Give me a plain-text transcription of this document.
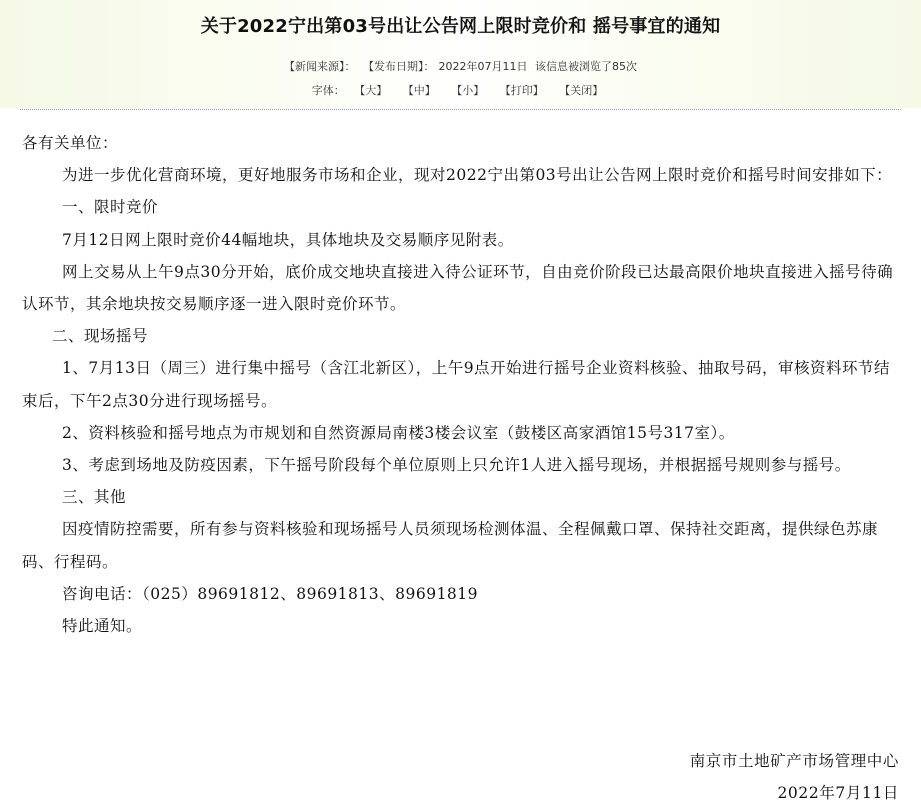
关于2022宁出第03号出让公告网上限时竞价和 摇号事宜的通知
【新闻来源】： 【发布日期】： 2022年07月11日 该信息被浏览了85次
字体： 【大】 【中】 【小】 【打印】 【关闭】

各有关单位：

为进一步优化营商环境，更好地服务市场和企业，现对2022宁出第03号出让公告网上限时竞价和摇号时间安排如下：

一、限时竞价

7月12日网上限时竞价44幅地块，具体地块及交易顺序见附表。

网上交易从上午9点30分开始，底价成交地块直接进入待公证环节，自由竞价阶段已达最高限价地块直接进入摇号待确认环节，其余地块按交易顺序逐一进入限时竞价环节。

二、现场摇号

1、7月13日（周三）进行集中摇号（含江北新区），上午9点开始进行摇号企业资料核验、抽取号码，审核资料环节结束后，下午2点30分进行现场摇号。

2、资料核验和摇号地点为市规划和自然资源局南楼3楼会议室（鼓楼区高家酒馆15号317室）。

3、考虑到场地及防疫因素，下午摇号阶段每个单位原则上只允许1人进入摇号现场，并根据摇号规则参与摇号。

三、其他

因疫情防控需要，所有参与资料核验和现场摇号人员须现场检测体温、全程佩戴口罩、保持社交距离，提供绿色苏康码、行程码。

咨询电话：（025）89691812、89691813、89691819

特此通知。

南京市土地矿产市场管理中心
2022年7月11日
